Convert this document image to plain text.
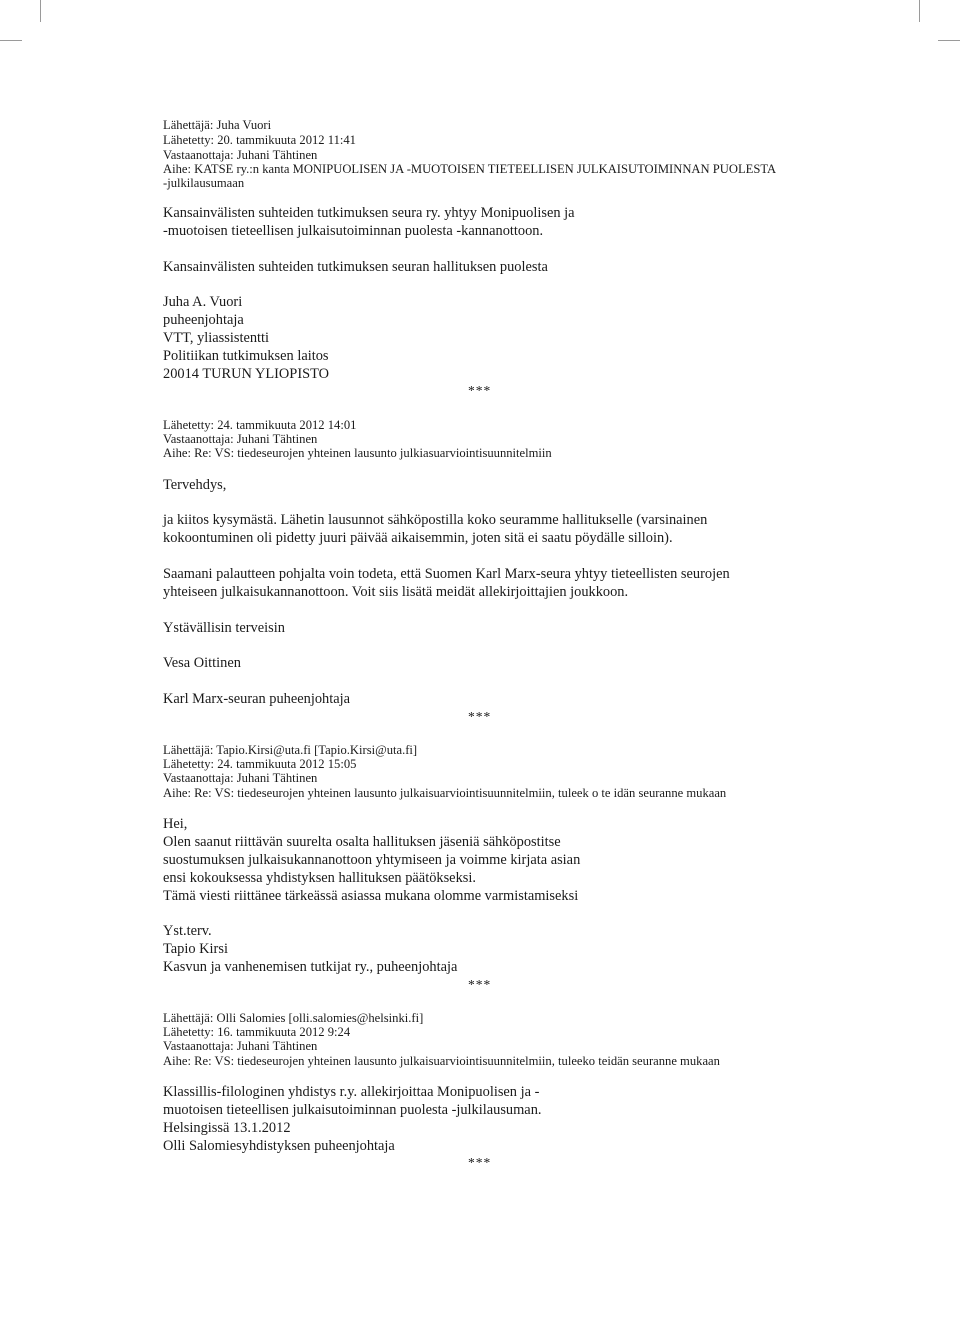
Lähettäjä: Juha Vuori
Lähetetty: 20. tammikuuta 2012 11:41
Vastaanottaja: Juhani Tähtinen
Aihe: KATSE ry.:n kanta MONIPUOLISEN JA -MUOTOISEN TIETEELLISEN JULKAISUTOIMINNAN PUOLESTA
-julkilausumaan
Kansainvälisten suhteiden tutkimuksen seura ry. yhtyy Monipuolisen ja
-muotoisen tieteellisen julkaisutoiminnan puolesta -kannanottoon.
Kansainvälisten suhteiden tutkimuksen seuran hallituksen puolesta
Juha A. Vuori
puheenjohtaja
VTT, yliassistentti
Politiikan tutkimuksen laitos
20014 TURUN YLIOPISTO
***
Lähetetty: 24. tammikuuta 2012 14:01
Vastaanottaja: Juhani Tähtinen
Aihe: Re: VS: tiedeseurojen yhteinen lausunto julkiasuarviointisuunnitelmiin
Tervehdys,
ja kiitos kysymästä. Lähetin lausunnot sähköpostilla koko seuramme hallitukselle (varsinainen
kokoontuminen oli pidetty juuri päivää aikaisemmin, joten sitä ei saatu pöydälle silloin).
Saamani palautteen pohjalta voin todeta, että Suomen Karl Marx-seura yhtyy tieteellisten seurojen
yhteiseen julkaisukannanottoon. Voit siis lisätä meidät allekirjoittajien joukkoon.
Ystävällisin terveisin
Vesa Oittinen
Karl Marx-seuran puheenjohtaja
***
Lähettäjä: Tapio.Kirsi@uta.fi [Tapio.Kirsi@uta.fi]
Lähetetty: 24. tammikuuta 2012 15:05
Vastaanottaja: Juhani Tähtinen
Aihe: Re: VS: tiedeseurojen yhteinen lausunto julkaisuarviointisuunnitelmiin, tuleek o te idän seuranne mukaan
Hei,
Olen saanut riittävän suurelta osalta hallituksen jäseniä sähköpostitse
suostumuksen julkaisukannanottoon yhtymiseen ja voimme kirjata asian
ensi kokouksessa yhdistyksen hallituksen päätökseksi.
Tämä viesti riittänee tärkeässä asiassa mukana olomme varmistamiseksi
Yst.terv.
Tapio Kirsi
Kasvun ja vanhenemisen tutkijat ry., puheenjohtaja
***
Lähettäjä: Olli Salomies [olli.salomies@helsinki.fi]
Lähetetty: 16. tammikuuta 2012 9:24
Vastaanottaja: Juhani Tähtinen
Aihe: Re: VS: tiedeseurojen yhteinen lausunto julkaisuarviointisuunnitelmiin, tuleeko teidän seuranne mukaan
Klassillis-filologinen yhdistys r.y. allekirjoittaa Monipuolisen ja -
muotoisen tieteellisen julkaisutoiminnan puolesta -julkilausuman.
Helsingissä 13.1.2012
Olli Salomiesyhdistyksen puheenjohtaja
***
